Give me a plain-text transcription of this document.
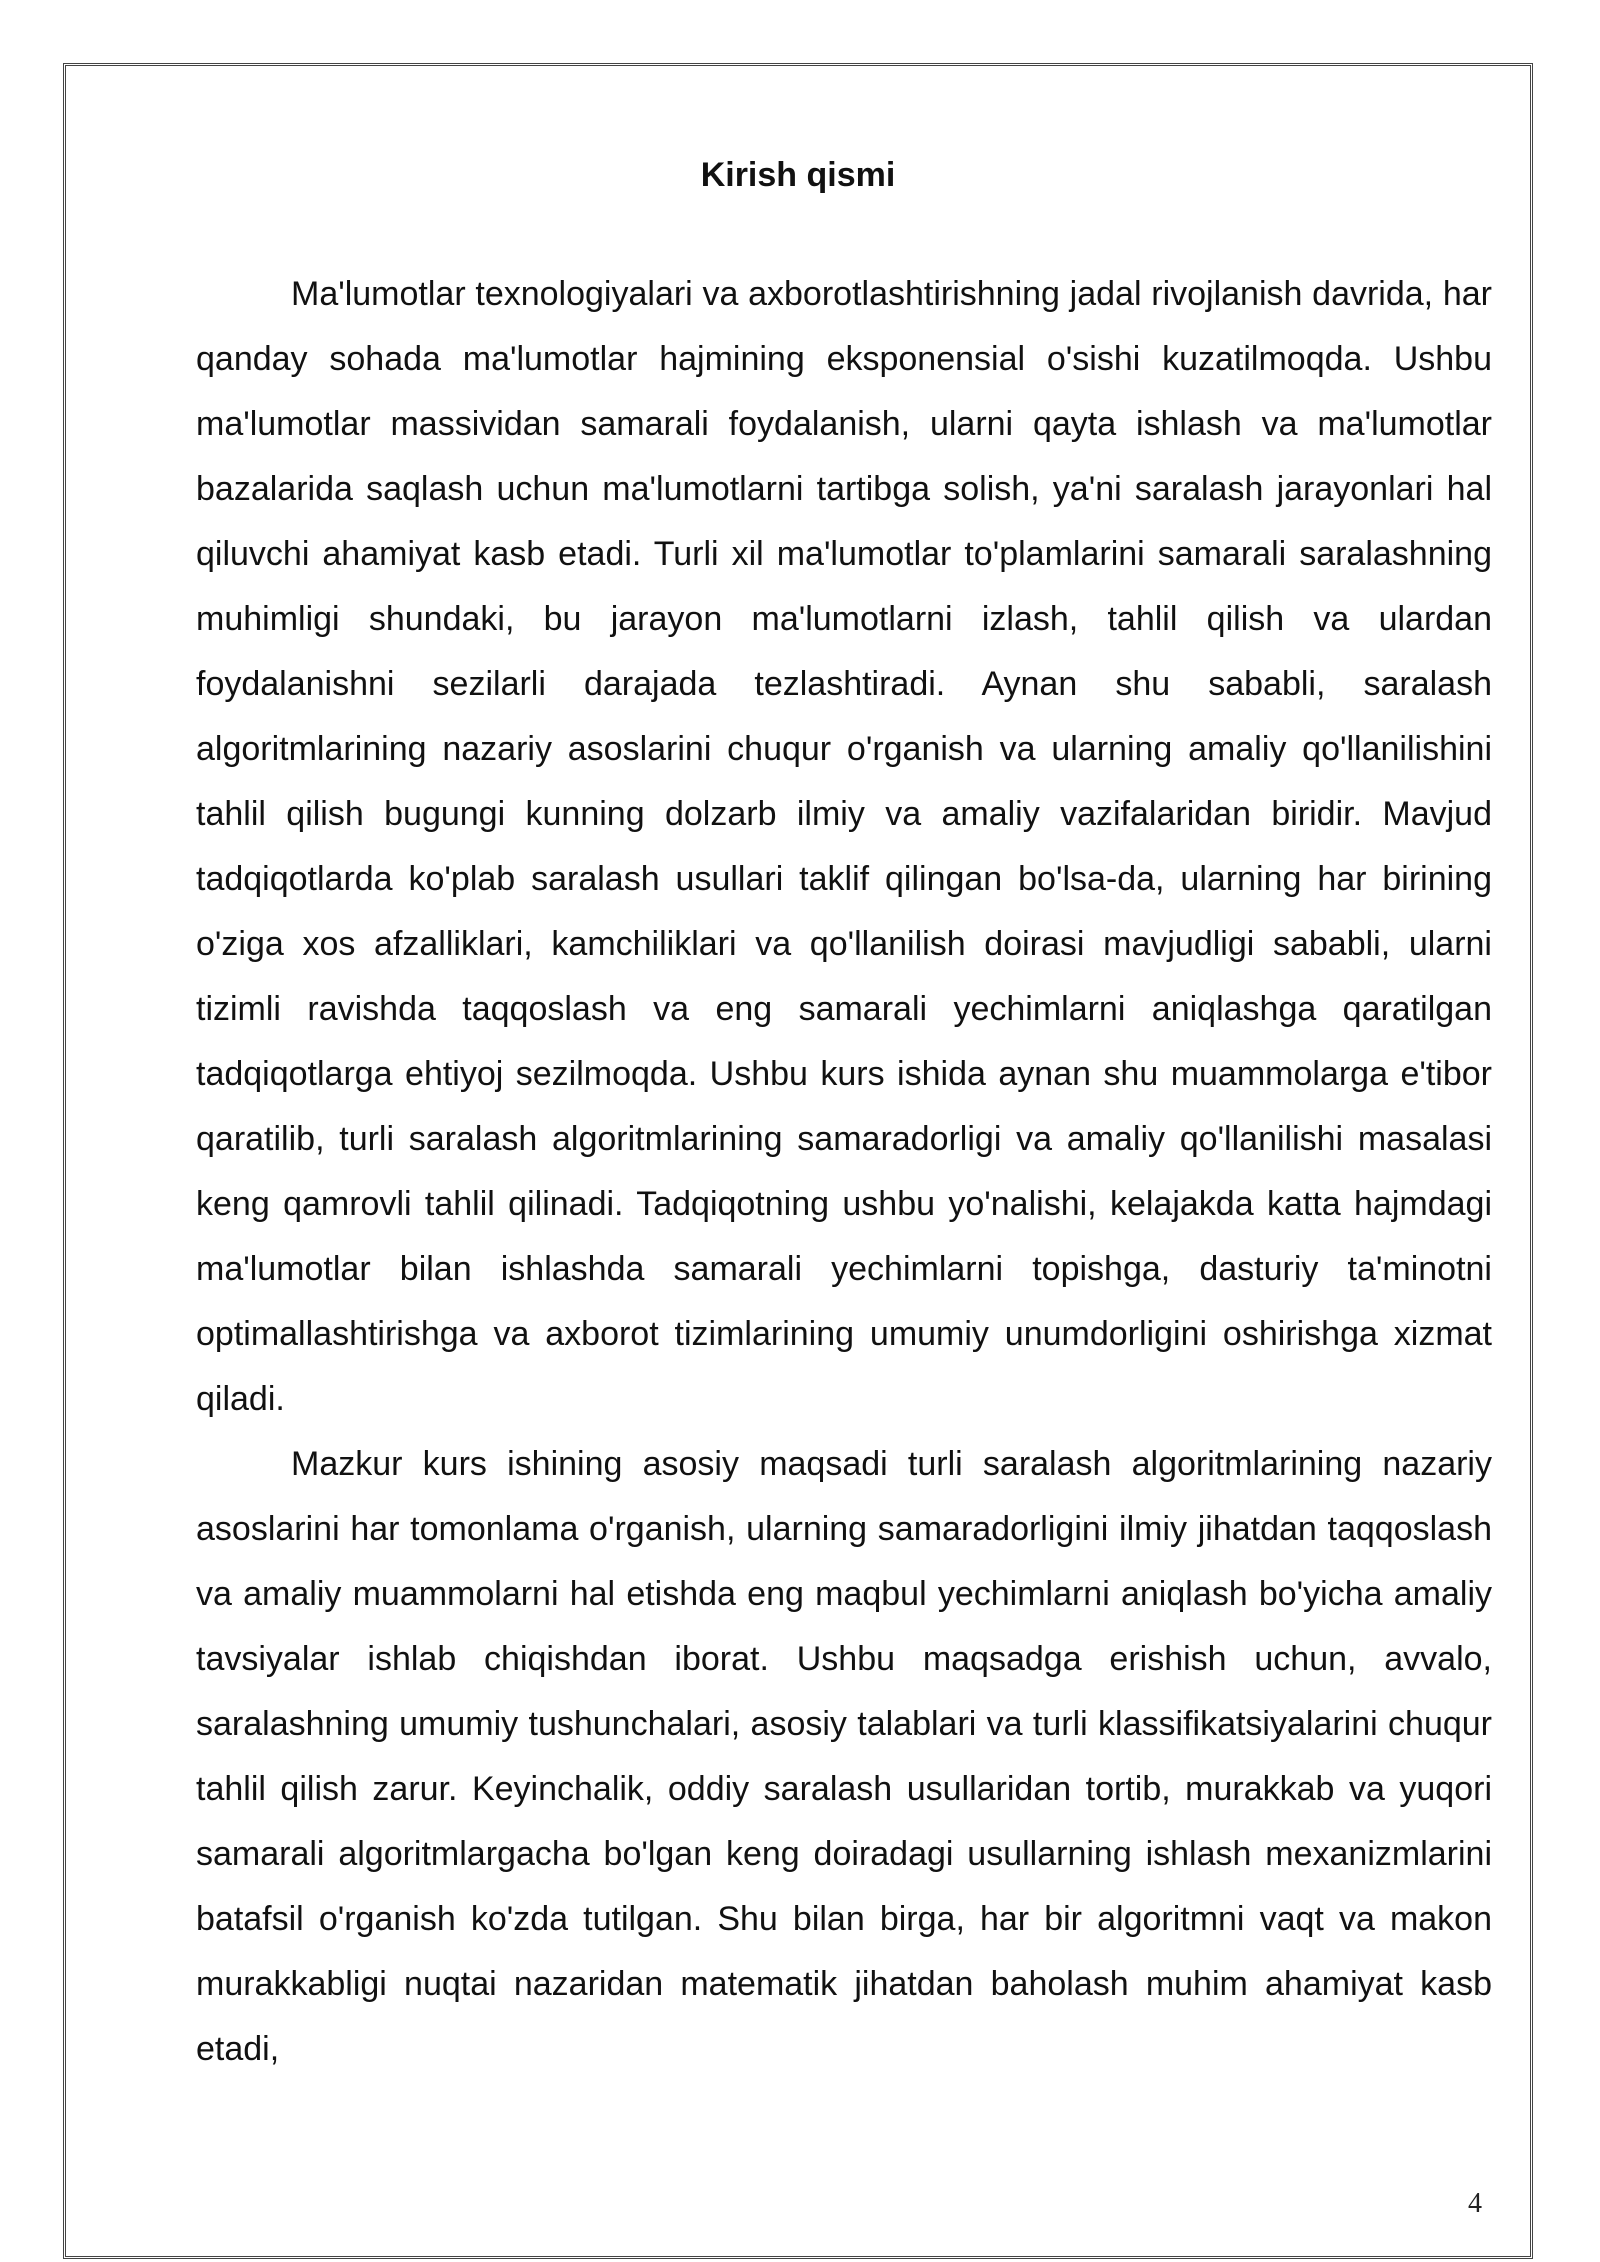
Kirish qismi

Ma'lumotlar texnologiyalari va axborotlashtirishning jadal rivojlanish davrida, har qanday sohada ma'lumotlar hajmining eksponensial o'sishi kuzatilmoqda. Ushbu ma'lumotlar massividan samarali foydalanish, ularni qayta ishlash va ma'lumotlar bazalarida saqlash uchun ma'lumotlarni tartibga solish, ya'ni saralash jarayonlari hal qiluvchi ahamiyat kasb etadi. Turli xil ma'lumotlar to'plamlarini samarali saralashning muhimligi shundaki, bu jarayon ma'lumotlarni izlash, tahlil qilish va ulardan foydalanishni sezilarli darajada tezlashtiradi. Aynan shu sababli, saralash algoritmlarining nazariy asoslarini chuqur o'rganish va ularning amaliy qo'llanilishini tahlil qilish bugungi kunning dolzarb ilmiy va amaliy vazifalaridan biridir. Mavjud tadqiqotlarda ko'plab saralash usullari taklif qilingan bo'lsa-da, ularning har birining o'ziga xos afzalliklari, kamchiliklari va qo'llanilish doirasi mavjudligi sababli, ularni tizimli ravishda taqqoslash va eng samarali yechimlarni aniqlashga qaratilgan tadqiqotlarga ehtiyoj sezilmoqda. Ushbu kurs ishida aynan shu muammolarga e'tibor qaratilib, turli saralash algoritmlarining samaradorligi va amaliy qo'llanilishi masalasi keng qamrovli tahlil qilinadi. Tadqiqotning ushbu yo'nalishi, kelajakda katta hajmdagi ma'lumotlar bilan ishlashda samarali yechimlarni topishga, dasturiy ta'minotni optimallashtirishga va axborot tizimlarining umumiy unumdorligini oshirishga xizmat qiladi.

Mazkur kurs ishining asosiy maqsadi turli saralash algoritmlarining nazariy asoslarini har tomonlama o'rganish, ularning samaradorligini ilmiy jihatdan taqqoslash va amaliy muammolarni hal etishda eng maqbul yechimlarni aniqlash bo'yicha amaliy tavsiyalar ishlab chiqishdan iborat. Ushbu maqsadga erishish uchun, avvalo, saralashning umumiy tushunchalari, asosiy talablari va turli klassifikatsiyalarini chuqur tahlil qilish zarur. Keyinchalik, oddiy saralash usullaridan tortib, murakkab va yuqori samarali algoritmlargacha bo'lgan keng doiradagi usullarning ishlash mexanizmlarini batafsil o'rganish ko'zda tutilgan. Shu bilan birga, har bir algoritmni vaqt va makon murakkabligi nuqtai nazaridan matematik jihatdan baholash muhim ahamiyat kasb etadi,

4
